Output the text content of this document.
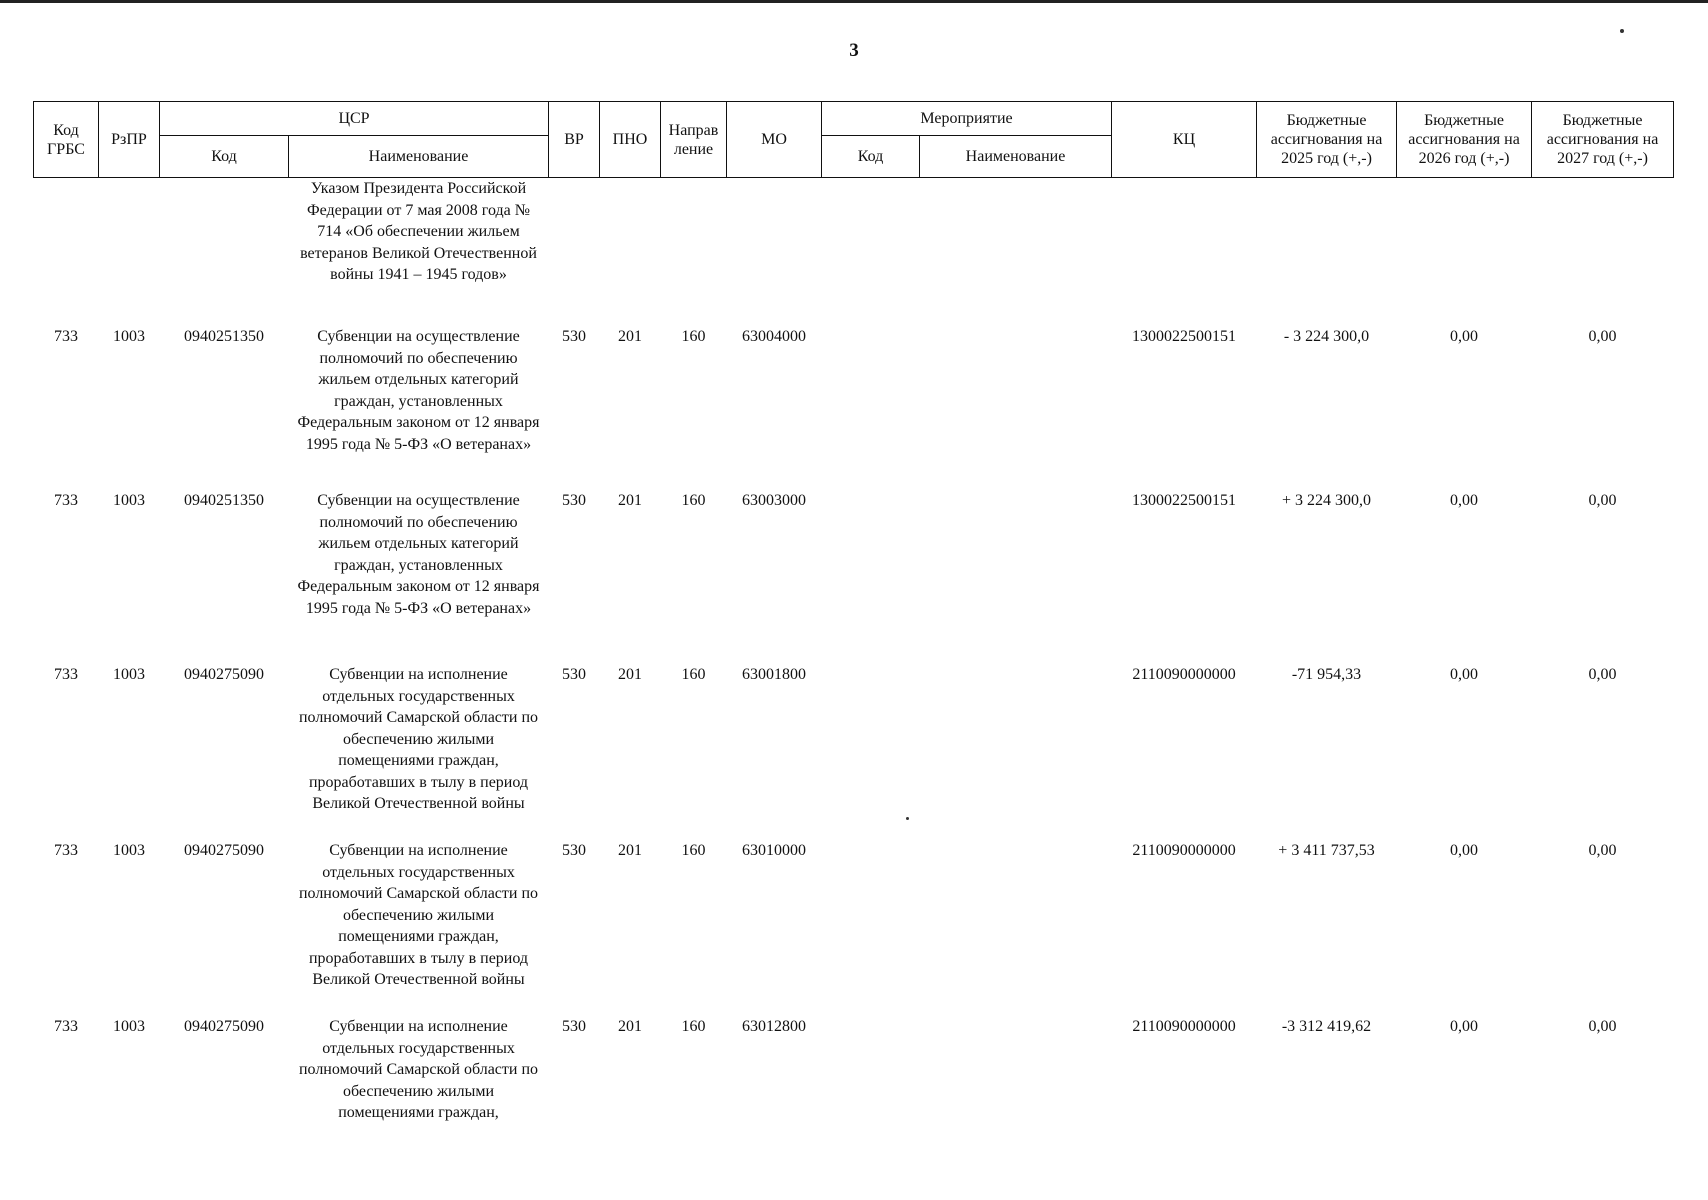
3
Код ГРБС	РзПР	ЦСР		ВР	ПНО	Направ ление	МО	Мероприятие		КЦ	Бюджетные ассигнования на 2025 год (+,-)	Бюджетные ассигнования на 2026 год (+,-)	Бюджетные ассигнования на 2027 год (+,-)
		Код	Наименование					Код	Наименование				
			Указом Президента Российской Федерации от 7 мая 2008 года № 714 «Об обеспечении жильем ветеранов Великой Отечественной войны 1941 – 1945 годов»										
733	1003	0940251350	Субвенции на осуществление полномочий по обеспечению жильем отдельных категорий граждан, установленных Федеральным законом от 12 января 1995 года № 5-ФЗ «О ветеранах»	530	201	160	63004000			1300022500151	- 3 224 300,0	0,00	0,00
733	1003	0940251350	Субвенции на осуществление полномочий по обеспечению жильем отдельных категорий граждан, установленных Федеральным законом от 12 января 1995 года № 5-ФЗ «О ветеранах»	530	201	160	63003000			1300022500151	+ 3 224 300,0	0,00	0,00
733	1003	0940275090	Субвенции на исполнение отдельных государственных полномочий Самарской области по обеспечению жилыми помещениями граждан, проработавших в тылу в период Великой Отечественной войны	530	201	160	63001800			2110090000000	-71 954,33	0,00	0,00
733	1003	0940275090	Субвенции на исполнение отдельных государственных полномочий Самарской области по обеспечению жилыми помещениями граждан, проработавших в тылу в период Великой Отечественной войны	530	201	160	63010000			2110090000000	+ 3 411 737,53	0,00	0,00
733	1003	0940275090	Субвенции на исполнение отдельных государственных полномочий Самарской области по обеспечению жилыми помещениями граждан,	530	201	160	63012800			2110090000000	-3 312 419,62	0,00	0,00
